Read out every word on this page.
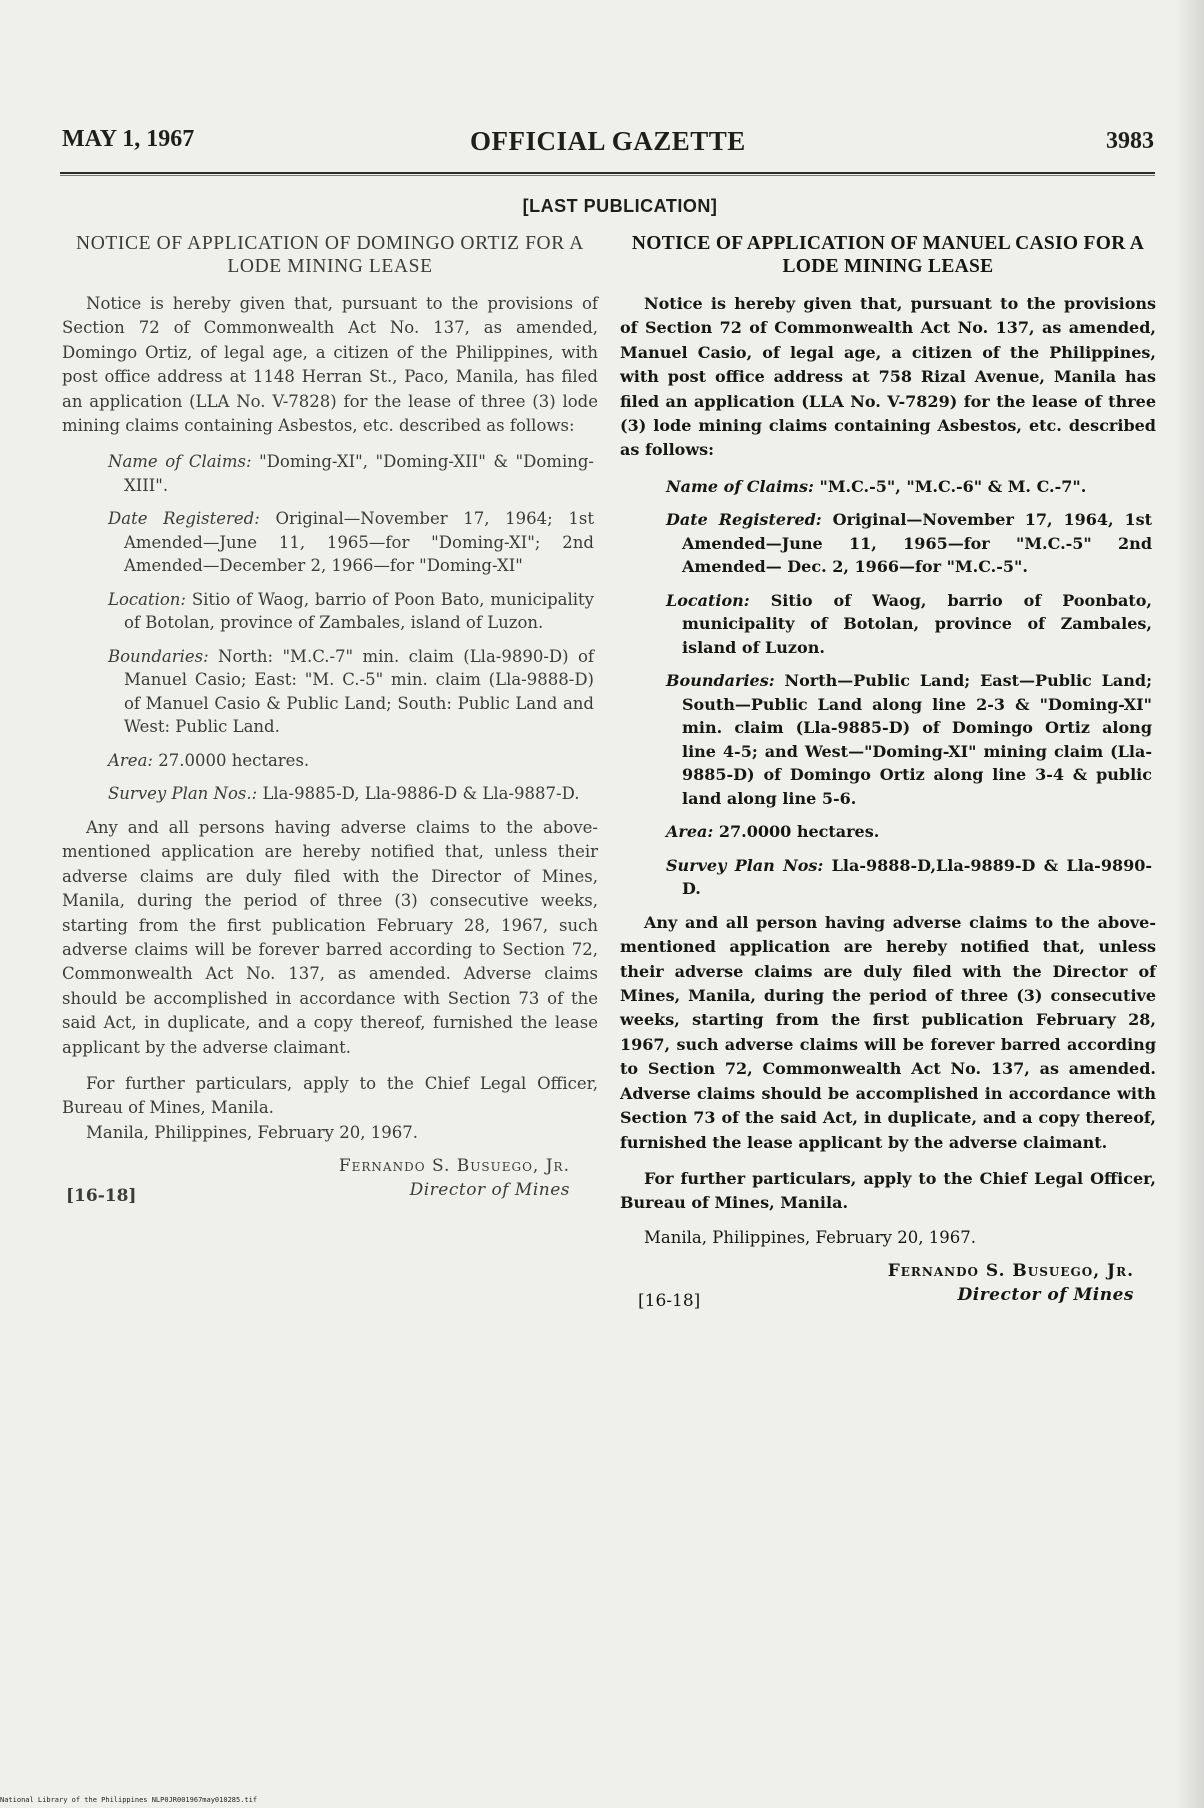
MAY 1, 1967	OFFICIAL GAZETTE	3983
[LAST PUBLICATION]
NOTICE OF APPLICATION OF DOMINGO ORTIZ FOR A LODE MINING LEASE

Notice is hereby given that, pursuant to the provisions of Section 72 of Commonwealth Act No. 137, as amended, Domingo Ortiz, of legal age, a citizen of the Philippines, with post office address at 1148 Herran St., Paco, Manila, has filed an application (LLA No. V-7828) for the lease of three (3) lode mining claims containing Asbestos, etc. described as follows:

Name of Claims: "Doming-XI", "Doming-XII" & "Doming-XIII".
Date Registered: Original—November 17, 1964; 1st Amended—June 11, 1965—for "Doming-XI"; 2nd Amended—December 2, 1966—for "Doming-XI"
Location: Sitio of Waog, barrio of Poon Bato, municipality of Botolan, province of Zambales, island of Luzon.
Boundaries: North: "M.C.-7" min. claim (Lla-9890-D) of Manuel Casio; East: "M. C.-5" min. claim (Lla-9888-D) of Manuel Casio & Public Land; South: Public Land and West: Public Land.
Area: 27.0000 hectares.
Survey Plan Nos.: Lla-9885-D, Lla-9886-D & Lla-9887-D.

Any and all persons having adverse claims to the above-mentioned application are hereby notified that, unless their adverse claims are duly filed with the Director of Mines, Manila, during the period of three (3) consecutive weeks, starting from the first publication February 28, 1967, such adverse claims will be forever barred according to Section 72, Commonwealth Act No. 137, as amended. Adverse claims should be accomplished in accordance with Section 73 of the said Act, in duplicate, and a copy thereof, furnished the lease applicant by the adverse claimant.

For further particulars, apply to the Chief Legal Officer, Bureau of Mines, Manila.

Manila, Philippines, February 20, 1967.
Fernando S. Busuego, Jr.
Director of Mines
[16-18]
NOTICE OF APPLICATION OF MANUEL CASIO FOR A LODE MINING LEASE

Notice is hereby given that, pursuant to the provisions of Section 72 of Commonwealth Act No. 137, as amended, Manuel Casio, of legal age, a citizen of the Philippines, with post office address at 758 Rizal Avenue, Manila has filed an application (LLA No. V-7829) for the lease of three (3) lode mining claims containing Asbestos, etc. described as follows:

Name of Claims: "M.C.-5", "M.C.-6" & M. C.-7".
Date Registered: Original—November 17, 1964, 1st Amended—June 11, 1965—for "M.C.-5" 2nd Amended— Dec. 2, 1966—for "M.C.-5".
Location: Sitio of Waog, barrio of Poonbato, municipality of Botolan, province of Zambales, island of Luzon.
Boundaries: North—Public Land; East—Public Land; South—Public Land along line 2-3 & "Doming-XI" min. claim (Lla-9885-D) of Domingo Ortiz along line 4-5; and West—"Doming-XI" mining claim (Lla-9885-D) of Domingo Ortiz along line 3-4 & public land along line 5-6.
Area: 27.0000 hectares.
Survey Plan Nos: Lla-9888-D,Lla-9889-D & Lla-9890-D.

Any and all person having adverse claims to the above-mentioned application are hereby notified that, unless their adverse claims are duly filed with the Director of Mines, Manila, during the period of three (3) consecutive weeks, starting from the first publication February 28, 1967, such adverse claims will be forever barred according to Section 72, Commonwealth Act No. 137, as amended. Adverse claims should be accomplished in accordance with Section 73 of the said Act, in duplicate, and a copy thereof, furnished the lease applicant by the adverse claimant.

For further particulars, apply to the Chief Legal Officer, Bureau of Mines, Manila.

Manila, Philippines, February 20, 1967.
Fernando S. Busuego, Jr.
Director of Mines
[16-18]
National Library of the Philippines NLP0JR001967may010285.tif
